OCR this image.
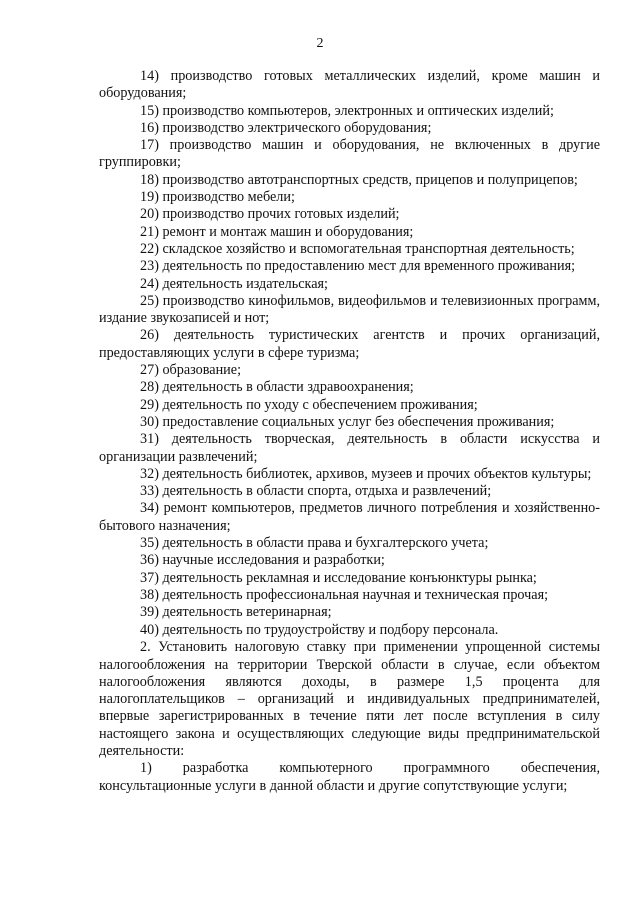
2

14) производство готовых металлических изделий, кроме машин и оборудования;

15) производство компьютеров, электронных и оптических изделий;

16) производство электрического оборудования;

17) производство машин и оборудования, не включенных в другие группировки;

18) производство автотранспортных средств, прицепов и полуприцепов;

19) производство мебели;

20) производство прочих готовых изделий;

21) ремонт и монтаж машин и оборудования;

22) складское хозяйство и вспомогательная транспортная деятельность;

23) деятельность по предоставлению мест для временного проживания;

24) деятельность издательская;

25) производство кинофильмов, видеофильмов и телевизионных программ, издание звукозаписей и нот;

26) деятельность туристических агентств и прочих организаций, предоставляющих услуги в сфере туризма;

27) образование;

28) деятельность в области здравоохранения;

29) деятельность по уходу с обеспечением проживания;

30) предоставление социальных услуг без обеспечения проживания;

31) деятельность творческая, деятельность в области искусства и организации развлечений;

32) деятельность библиотек, архивов, музеев и прочих объектов культуры;

33) деятельность в области спорта, отдыха и развлечений;

34) ремонт компьютеров, предметов личного потребления и хозяйственно-бытового назначения;

35) деятельность в области права и бухгалтерского учета;

36) научные исследования и разработки;

37) деятельность рекламная и исследование конъюнктуры рынка;

38) деятельность профессиональная научная и техническая прочая;

39) деятельность ветеринарная;

40) деятельность по трудоустройству и подбору персонала.

2. Установить налоговую ставку при применении упрощенной системы налогообложения на территории Тверской области в случае, если объектом налогообложения являются доходы, в размере 1,5 процента для налогоплательщиков – организаций и индивидуальных предпринимателей, впервые зарегистрированных в течение пяти лет после вступления в силу настоящего закона и осуществляющих следующие виды предпринимательской деятельности:

1) разработка компьютерного программного обеспечения, консультационные услуги в данной области и другие сопутствующие услуги;
